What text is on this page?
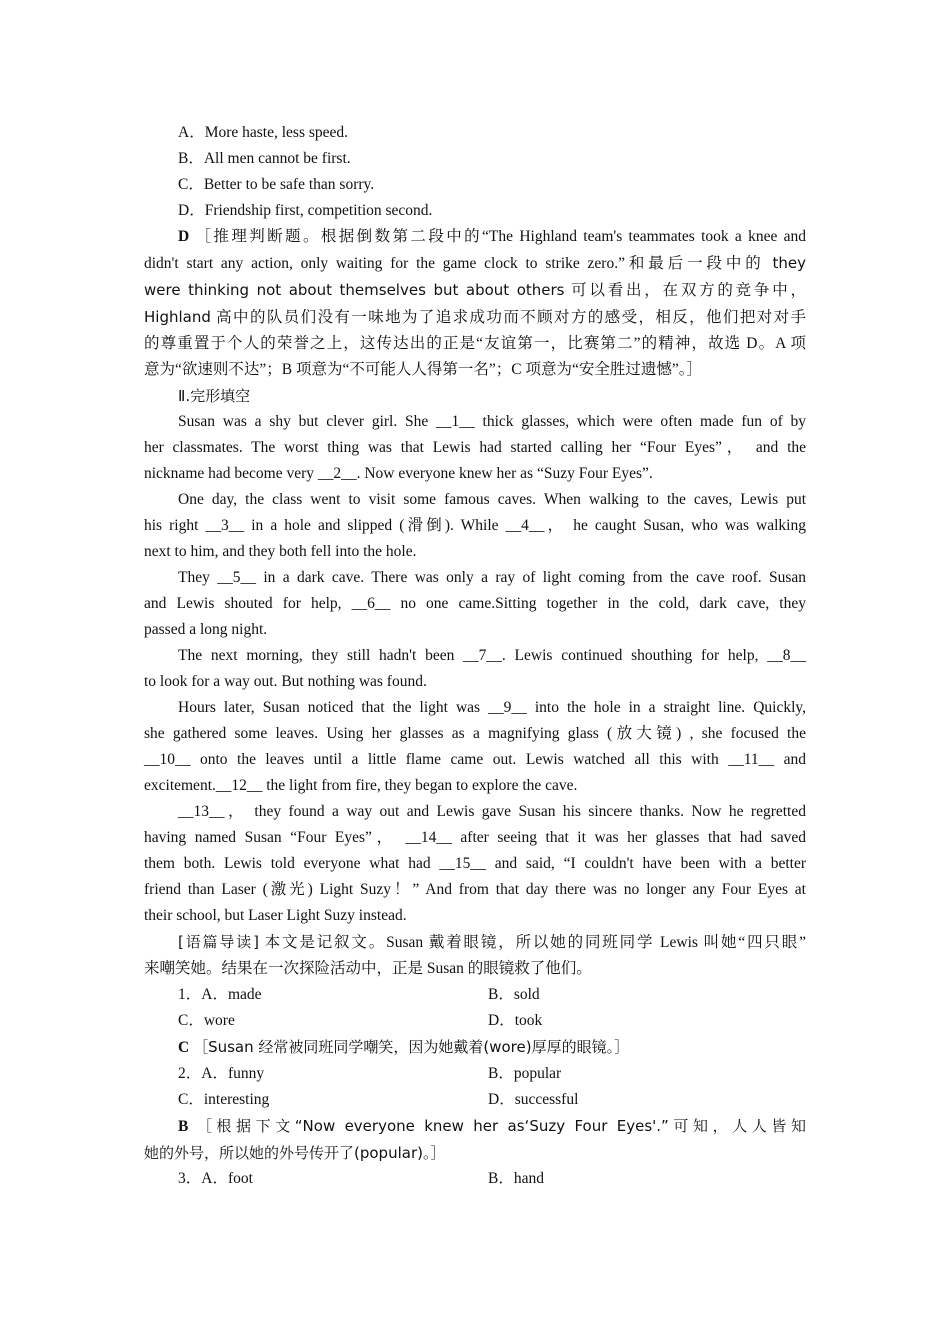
A．More haste, less speed.

B．All men cannot be first.

C．Better to be safe than sorry.

D．Friendship first, competition second.

D ［推理判断题。根据倒数第二段中的“The Highland team's teammates took a knee and

didn't start any action, only waiting for the game clock to strike zero.”和最后一段中的 they

were thinking not about themselves but about others 可以看出，在双方的竞争中，

Highland 高中的队员们没有一味地为了追求成功而不顾对方的感受，相反，他们把对对手

的尊重置于个人的荣誉之上，这传达出的正是“友谊第一，比赛第二”的精神，故选 D。A 项

意为“欲速则不达”；B 项意为“不可能人人得第一名”；C 项意为“安全胜过遗憾”。］

Ⅱ.完形填空

Susan was a shy but clever girl. She __1__ thick glasses, which were often made fun of by

her classmates. The worst thing was that Lewis had started calling her “Four Eyes”， and the

nickname had become very __2__. Now everyone knew her as “Suzy Four Eyes”.

One day, the class went to visit some famous caves. When walking to the caves, Lewis put

his right __3__ in a hole and slipped (滑倒). While __4__， he caught Susan, who was walking

next to him, and they both fell into the hole.

They __5__ in a dark cave. There was only a ray of light coming from the cave roof. Susan

and Lewis shouted for help, __6__ no one came.Sitting together in the cold, dark cave, they

passed a long night.

The next morning, they still hadn't been __7__. Lewis continued shouthing for help, __8__

to look for a way out. But nothing was found.

Hours later, Susan noticed that the light was __9__ into the hole in a straight line. Quickly,

she gathered some leaves. Using her glasses as a magnifying glass (放大镜) , she focused the

__10__ onto the leaves until a little flame came out. Lewis watched all this with __11__ and

excitement.__12__ the light from fire, they began to explore the cave.

__13__， they found a way out and Lewis gave Susan his sincere thanks. Now he regretted

having named Susan “Four Eyes”， __14__ after seeing that it was her glasses that had saved

them both. Lewis told everyone what had __15__ and said, “I couldn't have been with a better

friend than Laser (激光) Light Suzy！” And from that day there was no longer any Four Eyes at

their school, but Laser Light Suzy instead.

[语篇导读] 本文是记叙文。Susan 戴着眼镜，所以她的同班同学 Lewis 叫她“四只眼”

来嘲笑她。结果在一次探险活动中，正是 Susan 的眼镜救了他们。

1．A．made	B．sold
C．wore	D．took

C ［Susan 经常被同班同学嘲笑，因为她戴着(wore)厚厚的眼镜。］

2．A．funny	B．popular
C．interesting	D．successful

B ［根据下文“Now everyone knew her as‘Suzy Four Eyes'.”可知，人人皆知

她的外号，所以她的外号传开了(popular)。］

3．A．foot	B．hand
